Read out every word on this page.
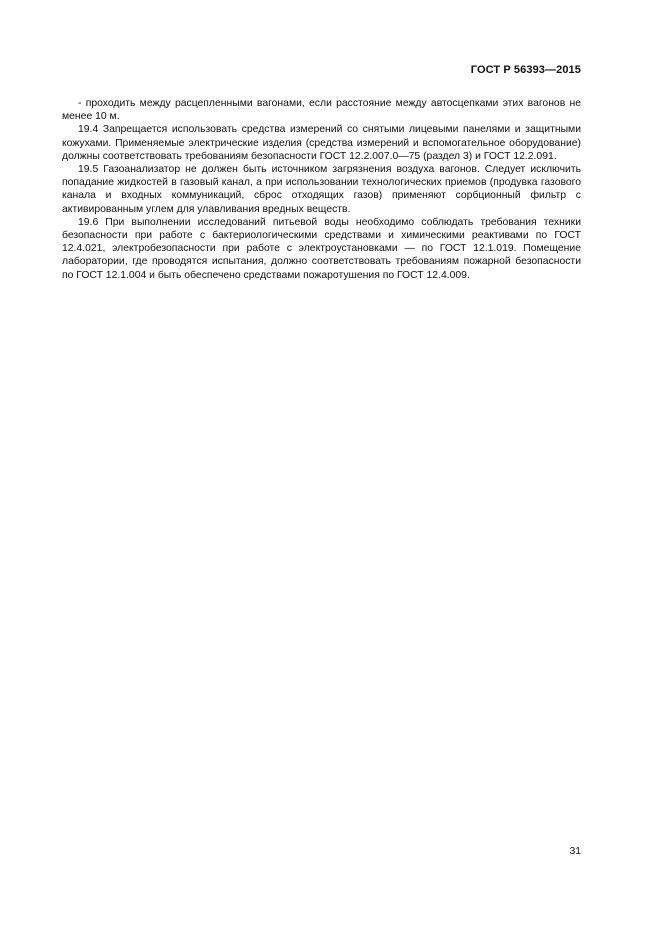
ГОСТ Р 56393—2015

- проходить между расцепленными вагонами, если расстояние между автосцепками этих вагонов не менее 10 м.

19.4 Запрещается использовать средства измерений со снятыми лицевыми панелями и защитными кожухами. Применяемые электрические изделия (средства измерений и вспомогательное оборудование) должны соответствовать требованиям безопасности ГОСТ 12.2.007.0—75 (раздел 3) и ГОСТ 12.2.091.

19.5 Газоанализатор не должен быть источником загрязнения воздуха вагонов. Следует исключить попадание жидкостей в газовый канал, а при использовании технологических приемов (продувка газового канала и входных коммуникаций, сброс отходящих газов) применяют сорбционный фильтр с активированным углем для улавливания вредных веществ.

19.6 При выполнении исследований питьевой воды необходимо соблюдать требования техники безопасности при работе с бактериологическими средствами и химическими реактивами по ГОСТ 12.4.021, электробезопасности при работе с электроустановками — по ГОСТ 12.1.019. Помещение лаборатории, где проводятся испытания, должно соответствовать требованиям пожарной безопасности по ГОСТ 12.1.004 и быть обеспечено средствами пожаротушения по ГОСТ 12.4.009.

31
